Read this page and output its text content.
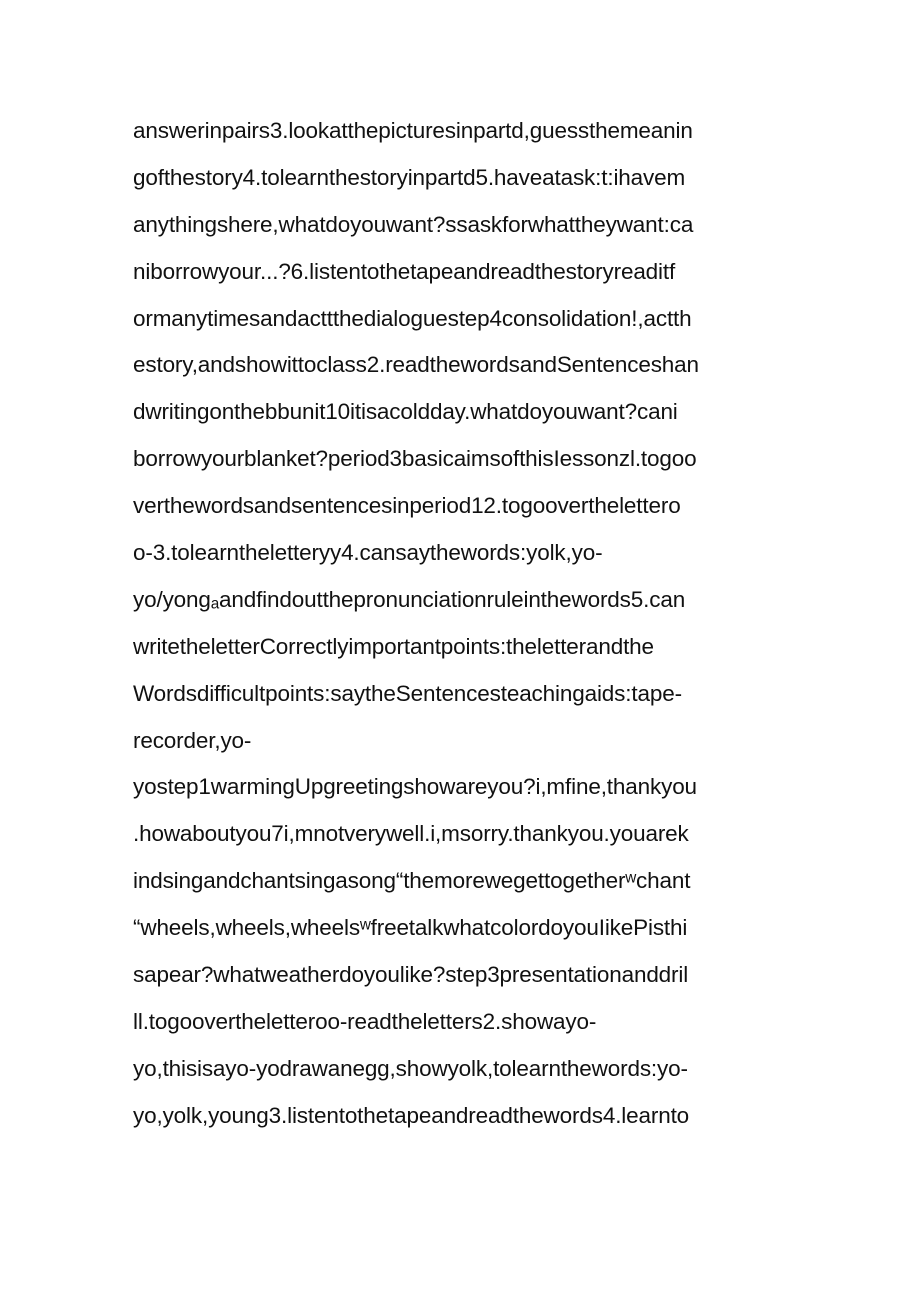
answerinpairs3.lookatthepicturesinpartd,guessthemeanin
gofthestory4.tolearnthestoryinpartd5.haveatask:t:ihavem
anythingshere,whatdoyouwant?ssaskforwhattheywant:ca
niborrowyour...?6.listentothetapeandreadthestoryreaditf
ormanytimesandacttthedialoguestep4consolidation!,actth
estory,andshowittoclass2.readthewordsandSentenceshan
dwritingonthebbunit10itisacoldday.whatdoyouwant?cani
borrowyourblanket?period3basicaimsofthisIessonzl.togoo
verthewordsandsentencesinperiod12.togoovertheletter​o
o-3.tolearntheletteryy4.cansaythewords:yolk,yo-
yo/yongₐandfindoutthepronunciationruleinthewords5.can
writetheletterCorrectlyimportantpoints:theletterandthe
Wordsdifficultpoints:saytheSentencesteachingaids:tape-
recorder,yo-
yostep1warmingUpgreetingshowareyou?i,mfine,thankyou
.howaboutyou7i,mnotverywell.i,msorry.thankyou.youarek
indsingandchantsingasong“themorewegettogetherʷchant
“wheels,wheels,wheelsʷfreetalkwhatcolordoyouIikePisthi
sapear?whatweatherdoyoulike?step3presentationanddril
ll.togoovertheletteroo-readtheletters2.showayo-
yo,thisisayo-yodrawanegg,showyolk,tolearnthewords:yo-
yo,yolk,young3.listentothetapeandreadthewords4.learnto
